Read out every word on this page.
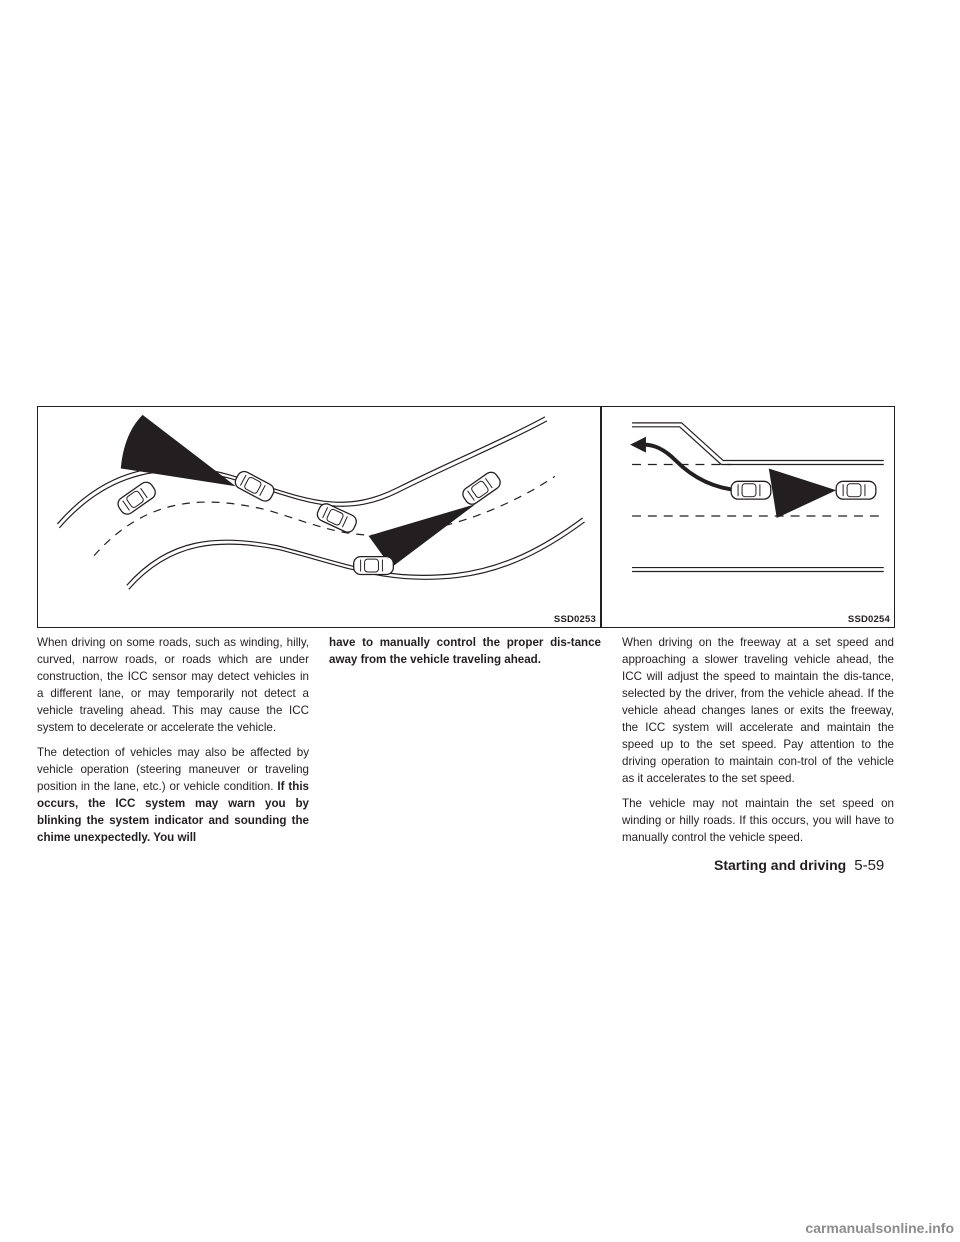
SSD0253	SSD0254

When driving on some roads, such as winding, hilly, curved, narrow roads, or roads which are under construction, the ICC sensor may detect vehicles in a different lane, or may temporarily not detect a vehicle traveling ahead. This may cause the ICC system to decelerate or accelerate the vehicle.

The detection of vehicles may also be affected by vehicle operation (steering maneuver or traveling position in the lane, etc.) or vehicle condition. If this occurs, the ICC system may warn you by blinking the system indicator and sounding the chime unexpectedly. You will

have to manually control the proper dis-tance away from the vehicle traveling ahead.

When driving on the freeway at a set speed and approaching a slower traveling vehicle ahead, the ICC will adjust the speed to maintain the dis-tance, selected by the driver, from the vehicle ahead. If the vehicle ahead changes lanes or exits the freeway, the ICC system will accelerate and maintain the speed up to the set speed. Pay attention to the driving operation to maintain con-trol of the vehicle as it accelerates to the set speed.

The vehicle may not maintain the set speed on winding or hilly roads. If this occurs, you will have to manually control the vehicle speed.

Starting and driving 5-59
carmanualsonline.info
